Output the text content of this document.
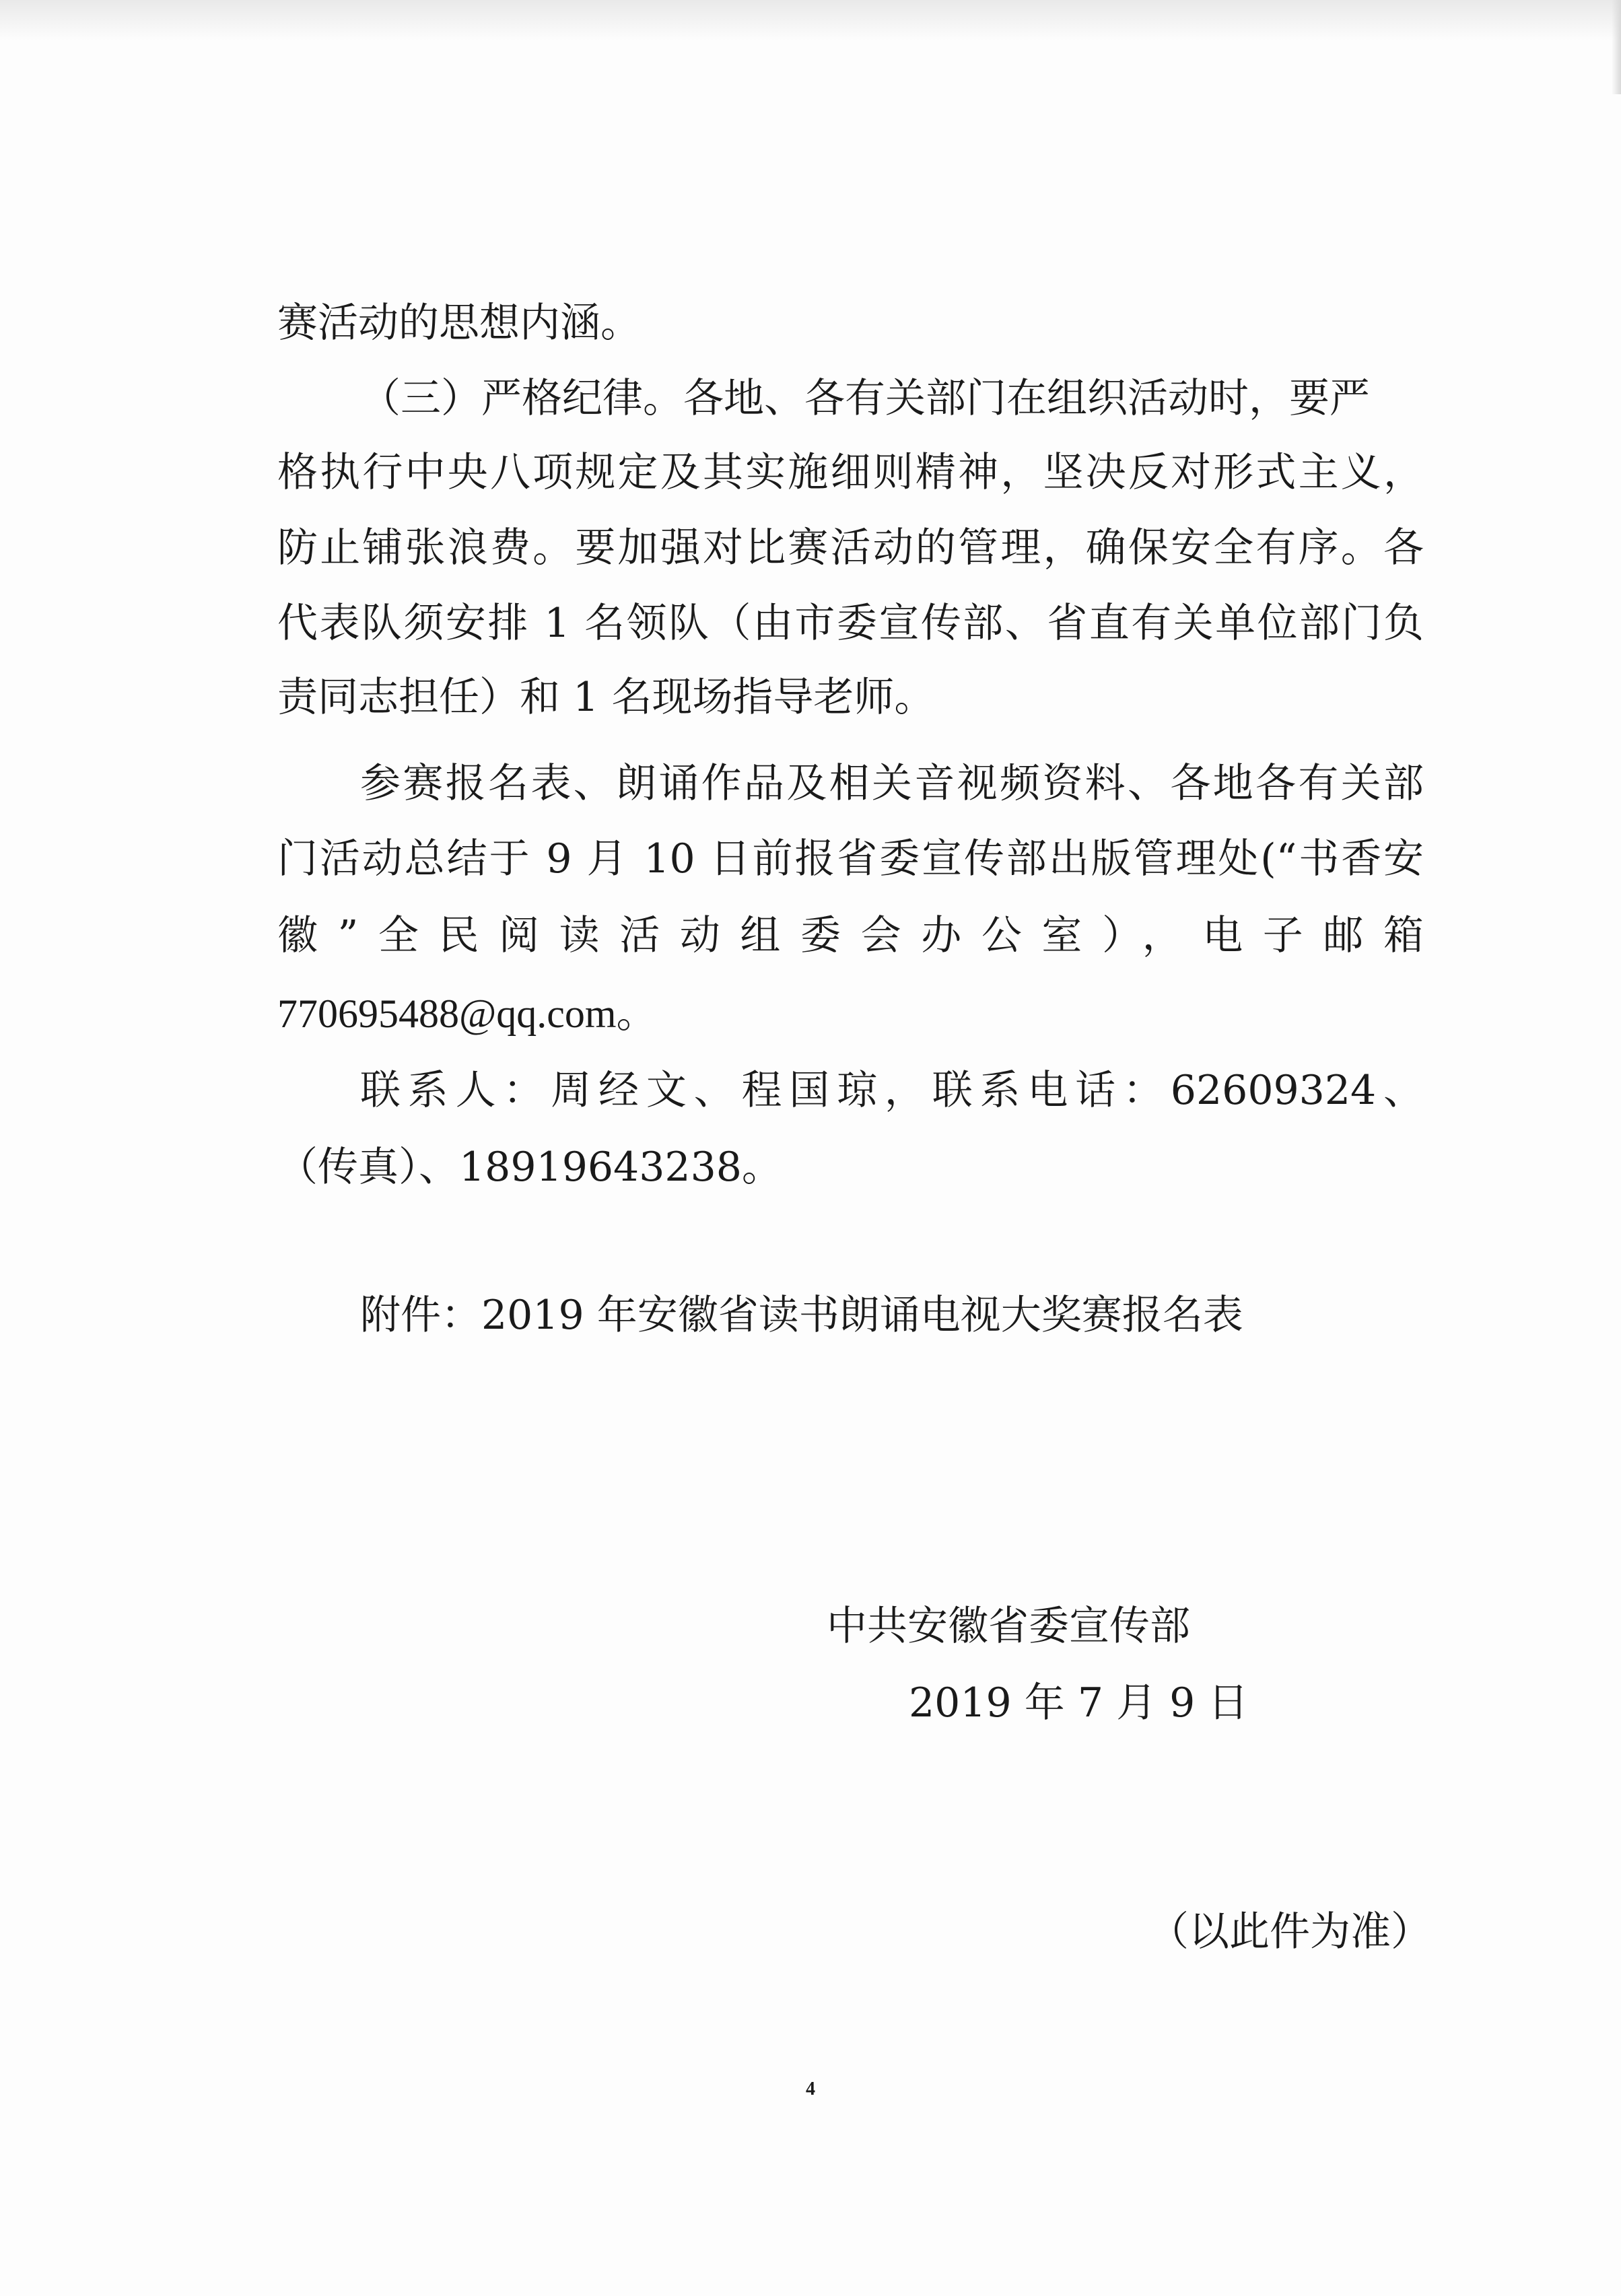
赛活动的思想内涵。
（三）严格纪律。各地、各有关部门在组织活动时，要严
格执行中央八项规定及其实施细则精神，坚决反对形式主义，
防止铺张浪费。要加强对比赛活动的管理，确保安全有序。各
代表队须安排 1 名领队（由市委宣传部、省直有关单位部门负
责同志担任）和 1 名现场指导老师。
参赛报名表、朗诵作品及相关音视频资料、各地各有关部
门活动总结于 9 月 10 日前报省委宣传部出版管理处(“书香安
徽”全民阅读活动组委会办公室），电子邮箱
770695488@qq.com。
联系人：周经文、程国琼，联系电话：62609324、
（传真）、18919643238。
附件：2019 年安徽省读书朗诵电视大奖赛报名表
中共安徽省委宣传部
2019 年 7 月 9 日
（以此件为准）
4
